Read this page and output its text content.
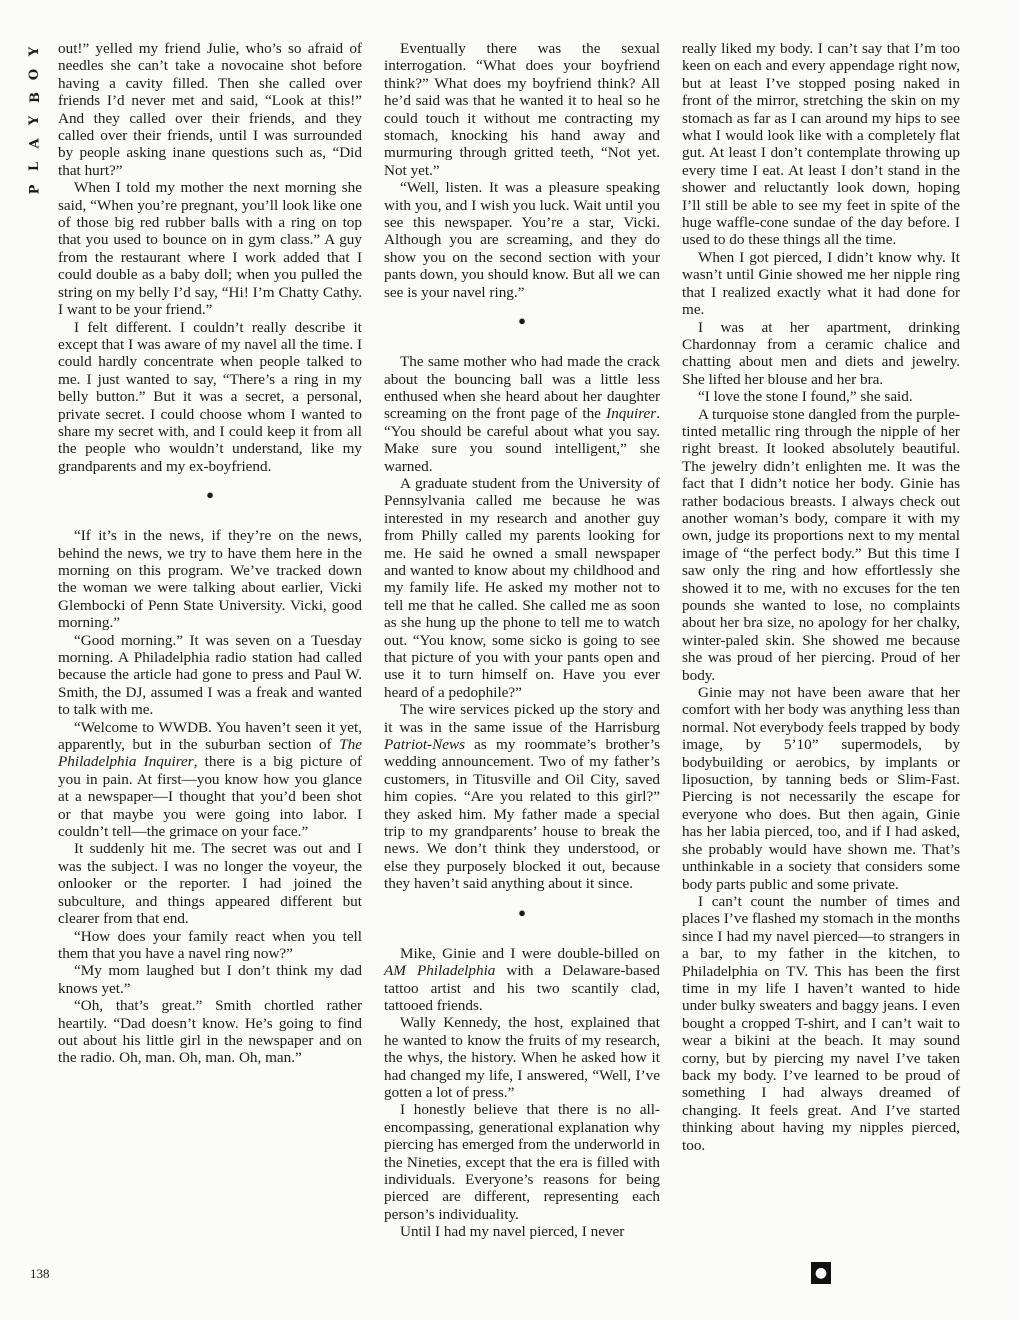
Y
O
B
Y
A
L
P

out!” yelled my friend Julie, who’s so afraid of needles she can’t take a novocaine shot before having a cavity filled. Then she called over friends I’d never met and said, “Look at this!” And they called over their friends, and they called over their friends, until I was surrounded by people asking inane questions such as, “Did that hurt?”

When I told my mother the next morning she said, “When you’re pregnant, you’ll look like one of those big red rubber balls with a ring on top that you used to bounce on in gym class.” A guy from the restaurant where I work added that I could double as a baby doll; when you pulled the string on my belly I’d say, “Hi! I’m Chatty Cathy. I want to be your friend.”

I felt different. I couldn’t really describe it except that I was aware of my navel all the time. I could hardly concentrate when people talked to me. I just wanted to say, “There’s a ring in my belly button.” But it was a secret, a personal, private secret. I could choose whom I wanted to share my secret with, and I could keep it from all the people who wouldn’t understand, like my grandparents and my ex-boyfriend.

●

“If it’s in the news, if they’re on the news, behind the news, we try to have them here in the morning on this program. We’ve tracked down the woman we were talking about earlier, Vicki Glembocki of Penn State University. Vicki, good morning.”

“Good morning.” It was seven on a Tuesday morning. A Philadelphia radio station had called because the article had gone to press and Paul W. Smith, the DJ, assumed I was a freak and wanted to talk with me.

“Welcome to WWDB. You haven’t seen it yet, apparently, but in the suburban section of The Philadelphia Inquirer, there is a big picture of you in pain. At first—you know how you glance at a newspaper—I thought that you’d been shot or that maybe you were going into labor. I couldn’t tell—the grimace on your face.”

It suddenly hit me. The secret was out and I was the subject. I was no longer the voyeur, the onlooker or the reporter. I had joined the subculture, and things appeared different but clearer from that end.

“How does your family react when you tell them that you have a navel ring now?”

“My mom laughed but I don’t think my dad knows yet.”

“Oh, that’s great.” Smith chortled rather heartily. “Dad doesn’t know. He’s going to find out about his little girl in the newspaper and on the radio. Oh, man. Oh, man. Oh, man.”

Eventually there was the sexual interrogation. “What does your boyfriend think?” What does my boyfriend think? All he’d said was that he wanted it to heal so he could touch it without me contracting my stomach, knocking his hand away and murmuring through gritted teeth, “Not yet. Not yet.”

“Well, listen. It was a pleasure speaking with you, and I wish you luck. Wait until you see this newspaper. You’re a star, Vicki. Although you are screaming, and they do show you on the second section with your pants down, you should know. But all we can see is your navel ring.”

●

The same mother who had made the crack about the bouncing ball was a little less enthused when she heard about her daughter screaming on the front page of the Inquirer. “You should be careful about what you say. Make sure you sound intelligent,” she warned.

A graduate student from the University of Pennsylvania called me because he was interested in my research and another guy from Philly called my parents looking for me. He said he owned a small newspaper and wanted to know about my childhood and my family life. He asked my mother not to tell me that he called. She called me as soon as she hung up the phone to tell me to watch out. “You know, some sicko is going to see that picture of you with your pants open and use it to turn himself on. Have you ever heard of a pedophile?”

The wire services picked up the story and it was in the same issue of the Harrisburg Patriot-News as my roommate’s brother’s wedding announcement. Two of my father’s customers, in Titusville and Oil City, saved him copies. “Are you related to this girl?” they asked him. My father made a special trip to my grandparents’ house to break the news. We don’t think they understood, or else they purposely blocked it out, because they haven’t said anything about it since.

●

Mike, Ginie and I were double-billed on AM Philadelphia with a Delaware-based tattoo artist and his two scantily clad, tattooed friends.

Wally Kennedy, the host, explained that he wanted to know the fruits of my research, the whys, the history. When he asked how it had changed my life, I answered, “Well, I’ve gotten a lot of press.”

I honestly believe that there is no all-encompassing, generational explanation why piercing has emerged from the underworld in the Nineties, except that the era is filled with individuals. Everyone’s reasons for being pierced are different, representing each person’s individuality.

Until I had my navel pierced, I never

really liked my body. I can’t say that I’m too keen on each and every appendage right now, but at least I’ve stopped posing naked in front of the mirror, stretching the skin on my stomach as far as I can around my hips to see what I would look like with a completely flat gut. At least I don’t contemplate throwing up every time I eat. At least I don’t stand in the shower and reluctantly look down, hoping I’ll still be able to see my feet in spite of the huge waffle-cone sundae of the day before. I used to do these things all the time.

When I got pierced, I didn’t know why. It wasn’t until Ginie showed me her nipple ring that I realized exactly what it had done for me.

I was at her apartment, drinking Chardonnay from a ceramic chalice and chatting about men and diets and jewelry. She lifted her blouse and her bra.

“I love the stone I found,” she said.

A turquoise stone dangled from the purple-tinted metallic ring through the nipple of her right breast. It looked absolutely beautiful. The jewelry didn’t enlighten me. It was the fact that I didn’t notice her body. Ginie has rather bodacious breasts. I always check out another woman’s body, compare it with my own, judge its proportions next to my mental image of “the perfect body.” But this time I saw only the ring and how effortlessly she showed it to me, with no excuses for the ten pounds she wanted to lose, no complaints about her bra size, no apology for her chalky, winter-paled skin. She showed me because she was proud of her piercing. Proud of her body.

Ginie may not have been aware that her comfort with her body was anything less than normal. Not everybody feels trapped by body image, by 5’10” supermodels, by bodybuilding or aerobics, by implants or liposuction, by tanning beds or Slim-Fast. Piercing is not necessarily the escape for everyone who does. But then again, Ginie has her labia pierced, too, and if I had asked, she probably would have shown me. That’s unthinkable in a society that considers some body parts public and some private.

I can’t count the number of times and places I’ve flashed my stomach in the months since I had my navel pierced—to strangers in a bar, to my father in the kitchen, to Philadelphia on TV. This has been the first time in my life I haven’t wanted to hide under bulky sweaters and baggy jeans. I even bought a cropped T-shirt, and I can’t wait to wear a bikini at the beach. It may sound corny, but by piercing my navel I’ve taken back my body. I’ve learned to be proud of something I had always dreamed of changing. It feels great. And I’ve started thinking about having my nipples pierced, too.

138	●
